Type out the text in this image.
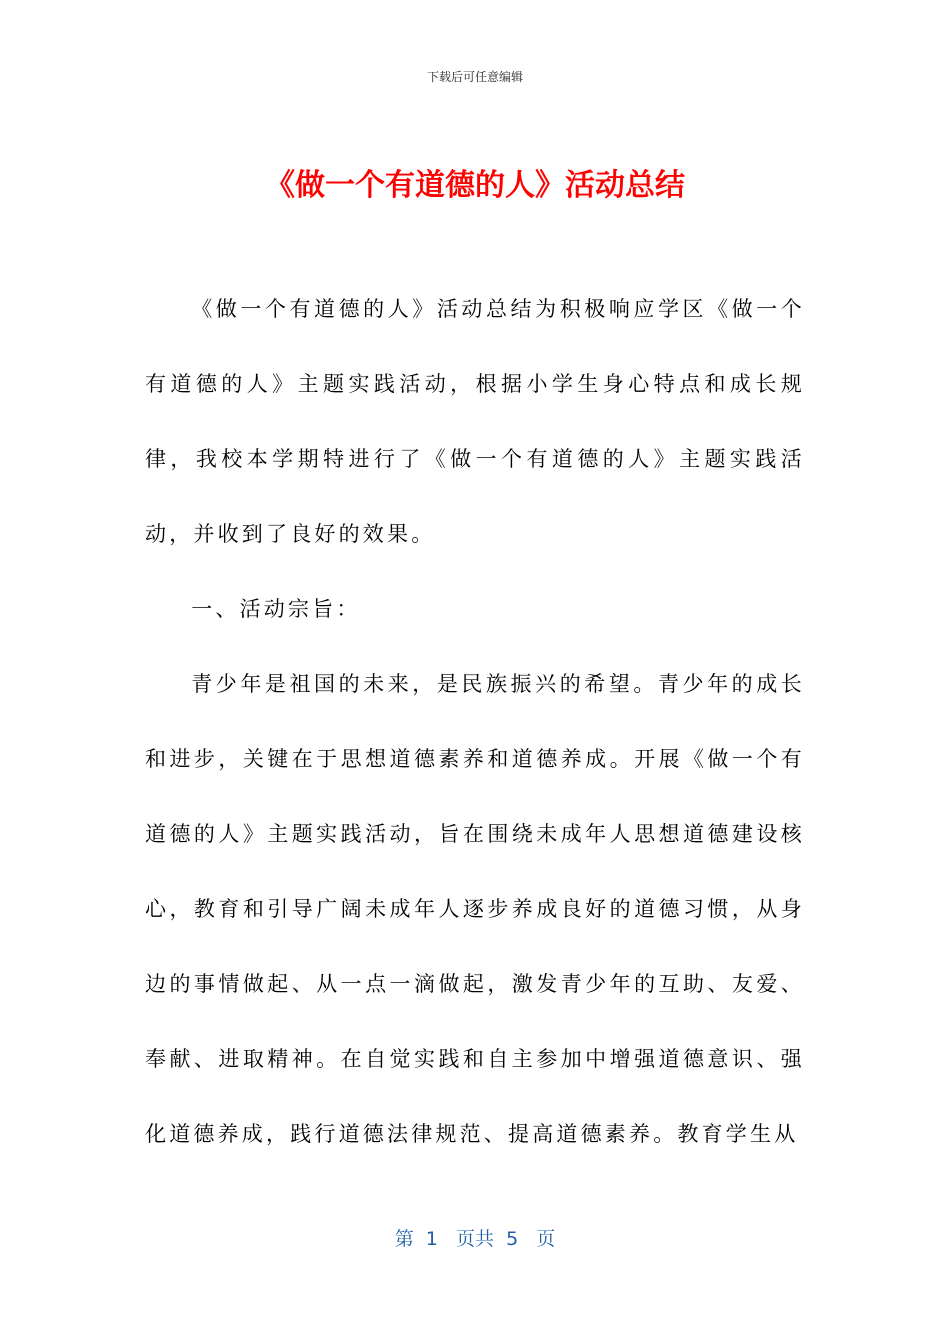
下载后可任意编辑
《做一个有道德的人》活动总结

《做一个有道德的人》活动总结为积极响应学区《做一个有道德的人》主题实践活动，根据小学生身心特点和成长规律，我校本学期特进行了《做一个有道德的人》主题实践活动，并收到了良好的效果。

一、活动宗旨：

青少年是祖国的未来，是民族振兴的希望。青少年的成长和进步，关键在于思想道德素养和道德养成。开展《做一个有道德的人》主题实践活动，旨在围绕未成年人思想道德建设核心，教育和引导广阔未成年人逐步养成良好的道德习惯，从身边的事情做起、从一点一滴做起，激发青少年的互助、友爱、奉献、进取精神。在自觉实践和自主参加中增强道德意识、强化道德养成，践行道德法律规范、提高道德素养。教育学生从

第  1   页共  5   页
